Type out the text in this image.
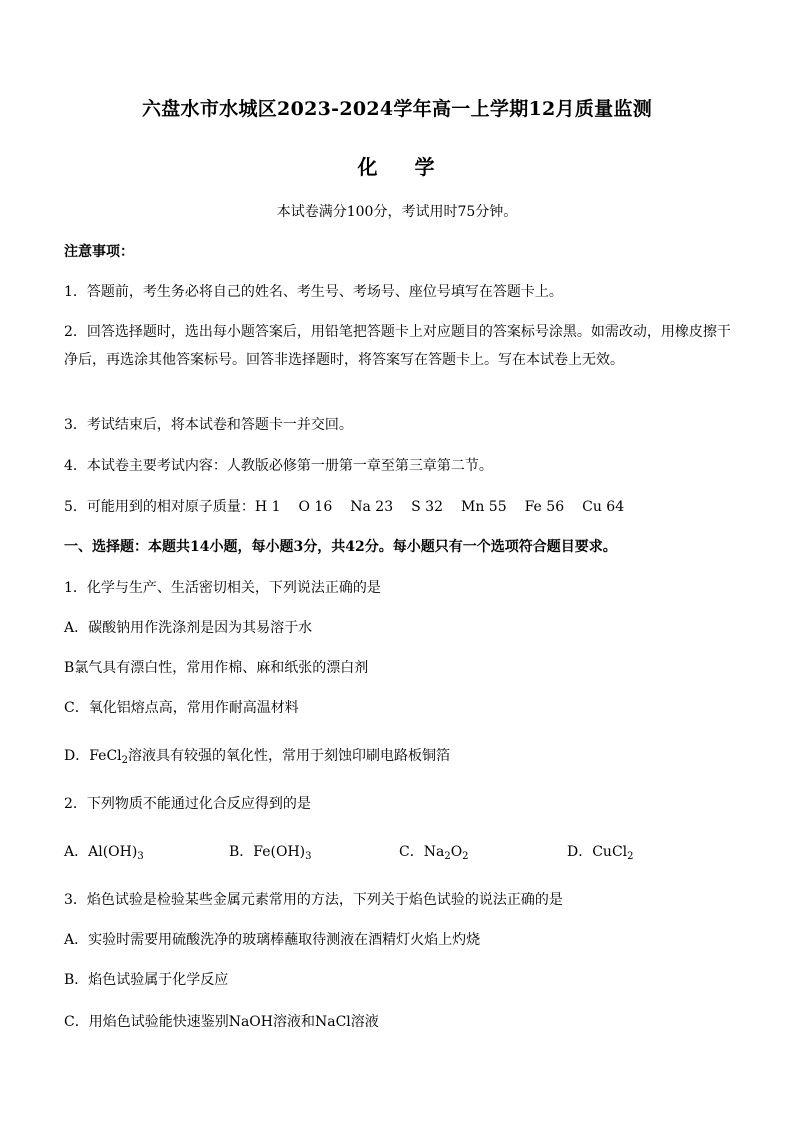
六盘水市水城区2023-2024学年高一上学期12月质量监测
化 学
本试卷满分100分，考试用时75分钟。
注意事项：
1．答题前，考生务必将自己的姓名、考生号、考场号、座位号填写在答题卡上。
2．回答选择题时，选出每小题答案后，用铅笔把答题卡上对应题目的答案标号涂黑。如需改动，用橡皮擦干净后，再选涂其他答案标号。回答非选择题时，将答案写在答题卡上。写在本试卷上无效。
3．考试结束后，将本试卷和答题卡一并交回。
4．本试卷主要考试内容：人教版必修第一册第一章至第三章第二节。
5．可能用到的相对原子质量：H 1 O 16 Na 23 S 32 Mn 55 Fe 56 Cu 64
一、选择题：本题共14小题，每小题3分，共42分。每小题只有一个选项符合题目要求。
1．化学与生产、生活密切相关，下列说法正确的是
A．碳酸钠用作洗涤剂是因为其易溶于水
B氯气具有漂白性，常用作棉、麻和纸张的漂白剂
C．氧化铝熔点高，常用作耐高温材料
D．FeCl$_2$溶液具有较强的氧化性，常用于刻蚀印刷电路板铜箔
2．下列物质不能通过化合反应得到的是
A．$Al(OH)_3$	B．$Fe(OH)_3$	C．$Na_2O_2$	D．CuCl$_2$
3．焰色试验是检验某些金属元素常用的方法，下列关于焰色试验的说法正确的是
A．实验时需要用硫酸洗净的玻璃棒蘸取待测液在酒精灯火焰上灼烧
B．焰色试验属于化学反应
C．用焰色试验能快速鉴别NaOH溶液和NaCl溶液
